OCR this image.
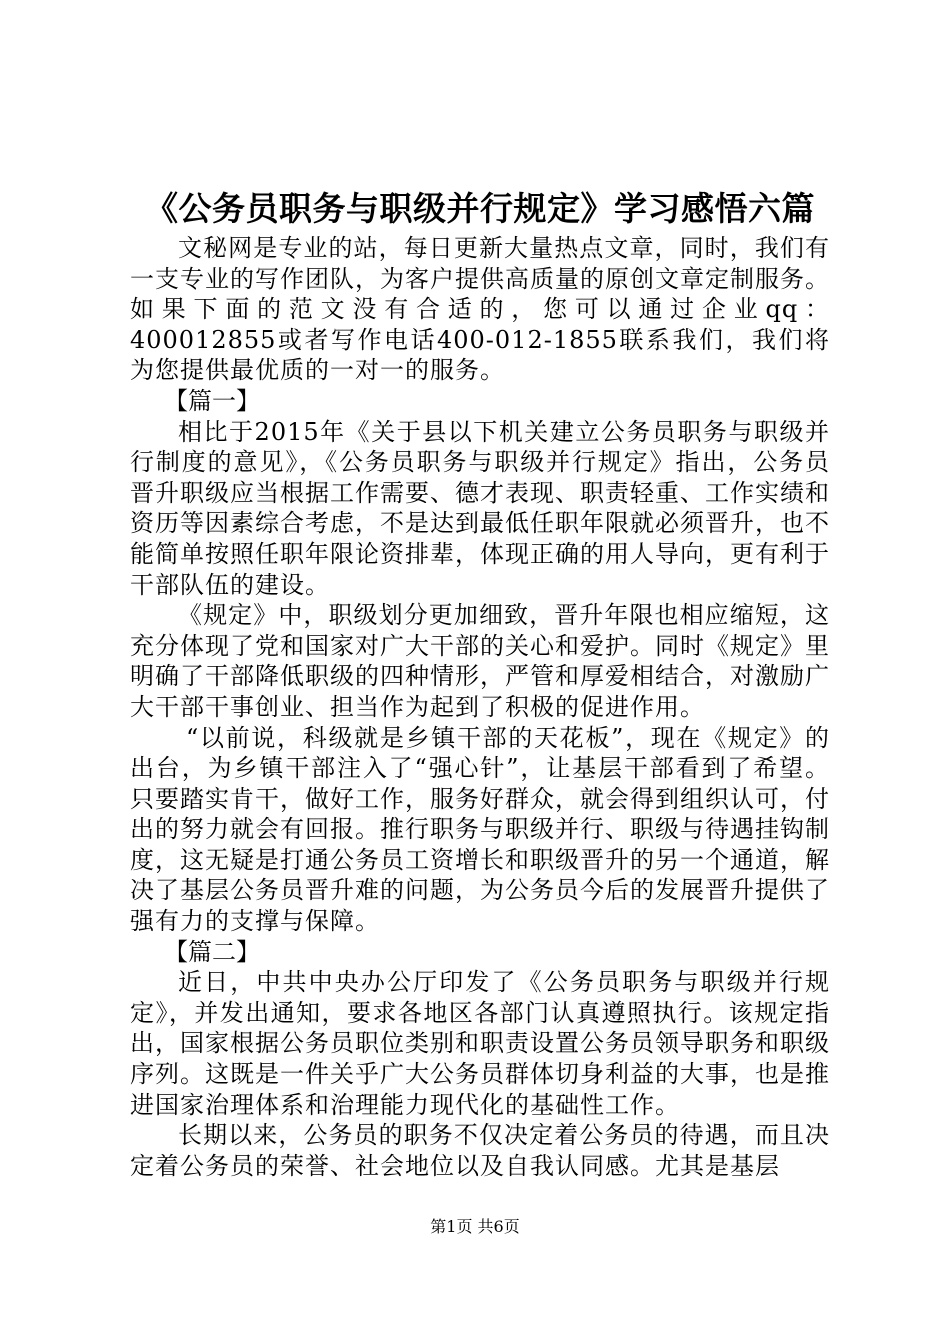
《公务员职务与职级并行规定》学习感悟六篇

文秘网是专业的站，每日更新大量热点文章，同时，我们有一支专业的写作团队，为客户提供高质量的原创文章定制服务。如果下面的范文没有合适的，您可以通过企业qq：400012855或者写作电话400-012-1855联系我们，我们将为您提供最优质的一对一的服务。

【篇一】

相比于2015年《关于县以下机关建立公务员职务与职级并行制度的意见》，《公务员职务与职级并行规定》指出，公务员晋升职级应当根据工作需要、德才表现、职责轻重、工作实绩和资历等因素综合考虑，不是达到最低任职年限就必须晋升，也不能简单按照任职年限论资排辈，体现正确的用人导向，更有利于干部队伍的建设。

《规定》中，职级划分更加细致，晋升年限也相应缩短，这充分体现了党和国家对广大干部的关心和爱护。同时《规定》里明确了干部降低职级的四种情形，严管和厚爱相结合，对激励广大干部干事创业、担当作为起到了积极的促进作用。

“以前说，科级就是乡镇干部的天花板”，现在《规定》的出台，为乡镇干部注入了“强心针”，让基层干部看到了希望。只要踏实肯干，做好工作，服务好群众，就会得到组织认可，付出的努力就会有回报。推行职务与职级并行、职级与待遇挂钩制度，这无疑是打通公务员工资增长和职级晋升的另一个通道，解决了基层公务员晋升难的问题，为公务员今后的发展晋升提供了强有力的支撑与保障。

【篇二】

近日，中共中央办公厅印发了《公务员职务与职级并行规定》，并发出通知，要求各地区各部门认真遵照执行。该规定指出，国家根据公务员职位类别和职责设置公务员领导职务和职级序列。这既是一件关乎广大公务员群体切身利益的大事，也是推进国家治理体系和治理能力现代化的基础性工作。

长期以来，公务员的职务不仅决定着公务员的待遇，而且决定着公务员的荣誉、社会地位以及自我认同感。尤其是基层

第1页 共6页
